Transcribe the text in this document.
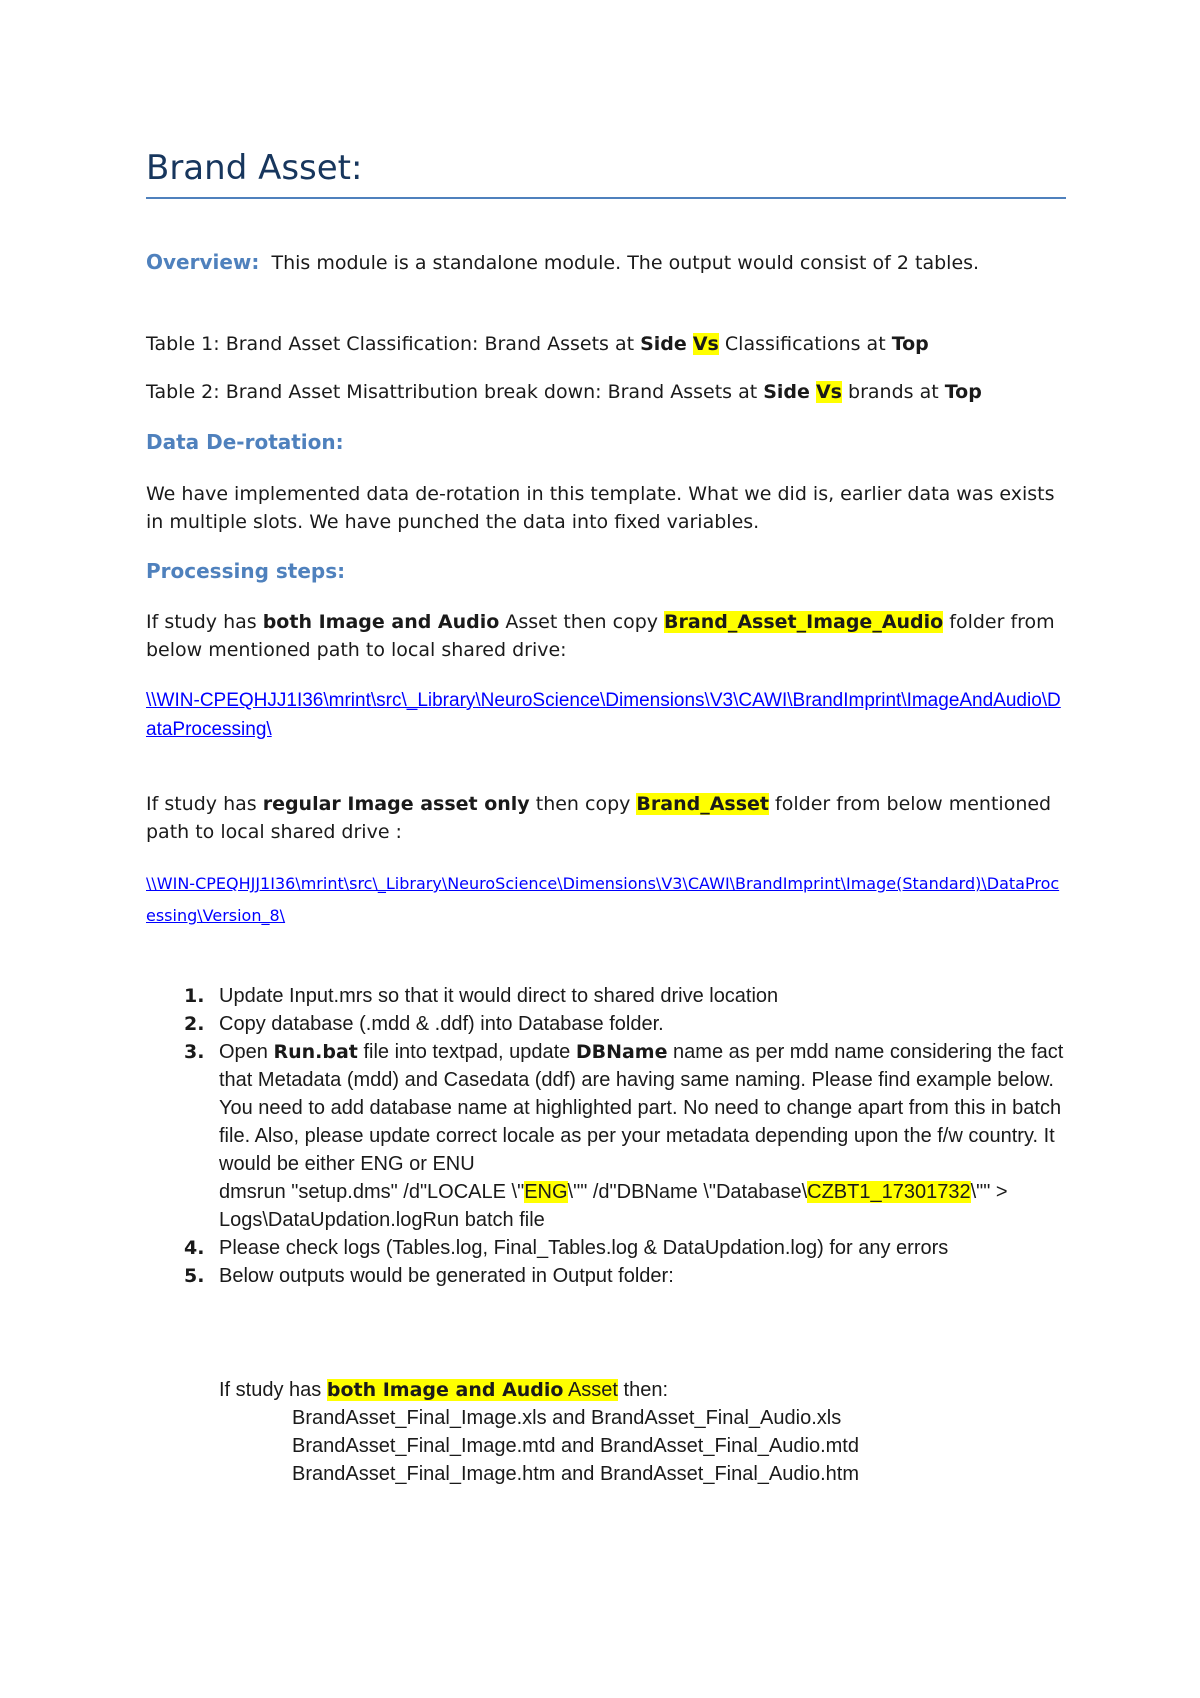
Brand Asset:

Overview: This module is a standalone module. The output would consist of 2 tables.

Table 1: Brand Asset Classification: Brand Assets at Side Vs Classifications at Top

Table 2: Brand Asset Misattribution break down: Brand Assets at Side Vs brands at Top

Data De-rotation:

We have implemented data de-rotation in this template. What we did is, earlier data was exists in multiple slots. We have punched the data into fixed variables.

Processing steps:

If study has both Image and Audio Asset then copy Brand_Asset_Image_Audio folder from below mentioned path to local shared drive:

\\WIN-CPEQHJJ1I36\mrint\src\_Library\NeuroScience\Dimensions\V3\CAWI\BrandImprint\ImageAndAudio\DataProcessing\

If study has regular Image asset only then copy Brand_Asset folder from below mentioned path to local shared drive :

\\WIN-CPEQHJJ1I36\mrint\src\_Library\NeuroScience\Dimensions\V3\CAWI\BrandImprint\Image(Standard)\DataProcessing\Version_8\

1. Update Input.mrs so that it would direct to shared drive location
2. Copy database (.mdd & .ddf) into Database folder.
3. Open Run.bat file into textpad, update DBName name as per mdd name considering the fact that Metadata (mdd) and Casedata (ddf) are having same naming. Please find example below. You need to add database name at highlighted part. No need to change apart from this in batch file. Also, please update correct locale as per your metadata depending upon the f/w country. It would be either ENG or ENU
dmsrun "setup.dms" /d"LOCALE \"ENG\"" /d"DBName \"Database\CZBT1_17301732\"" > Logs\DataUpdation.logRun batch file
4. Please check logs (Tables.log, Final_Tables.log & DataUpdation.log) for any errors
5. Below outputs would be generated in Output folder:
If study has both Image and Audio Asset then:
BrandAsset_Final_Image.xls and BrandAsset_Final_Audio.xls
BrandAsset_Final_Image.mtd and BrandAsset_Final_Audio.mtd
BrandAsset_Final_Image.htm and BrandAsset_Final_Audio.htm
